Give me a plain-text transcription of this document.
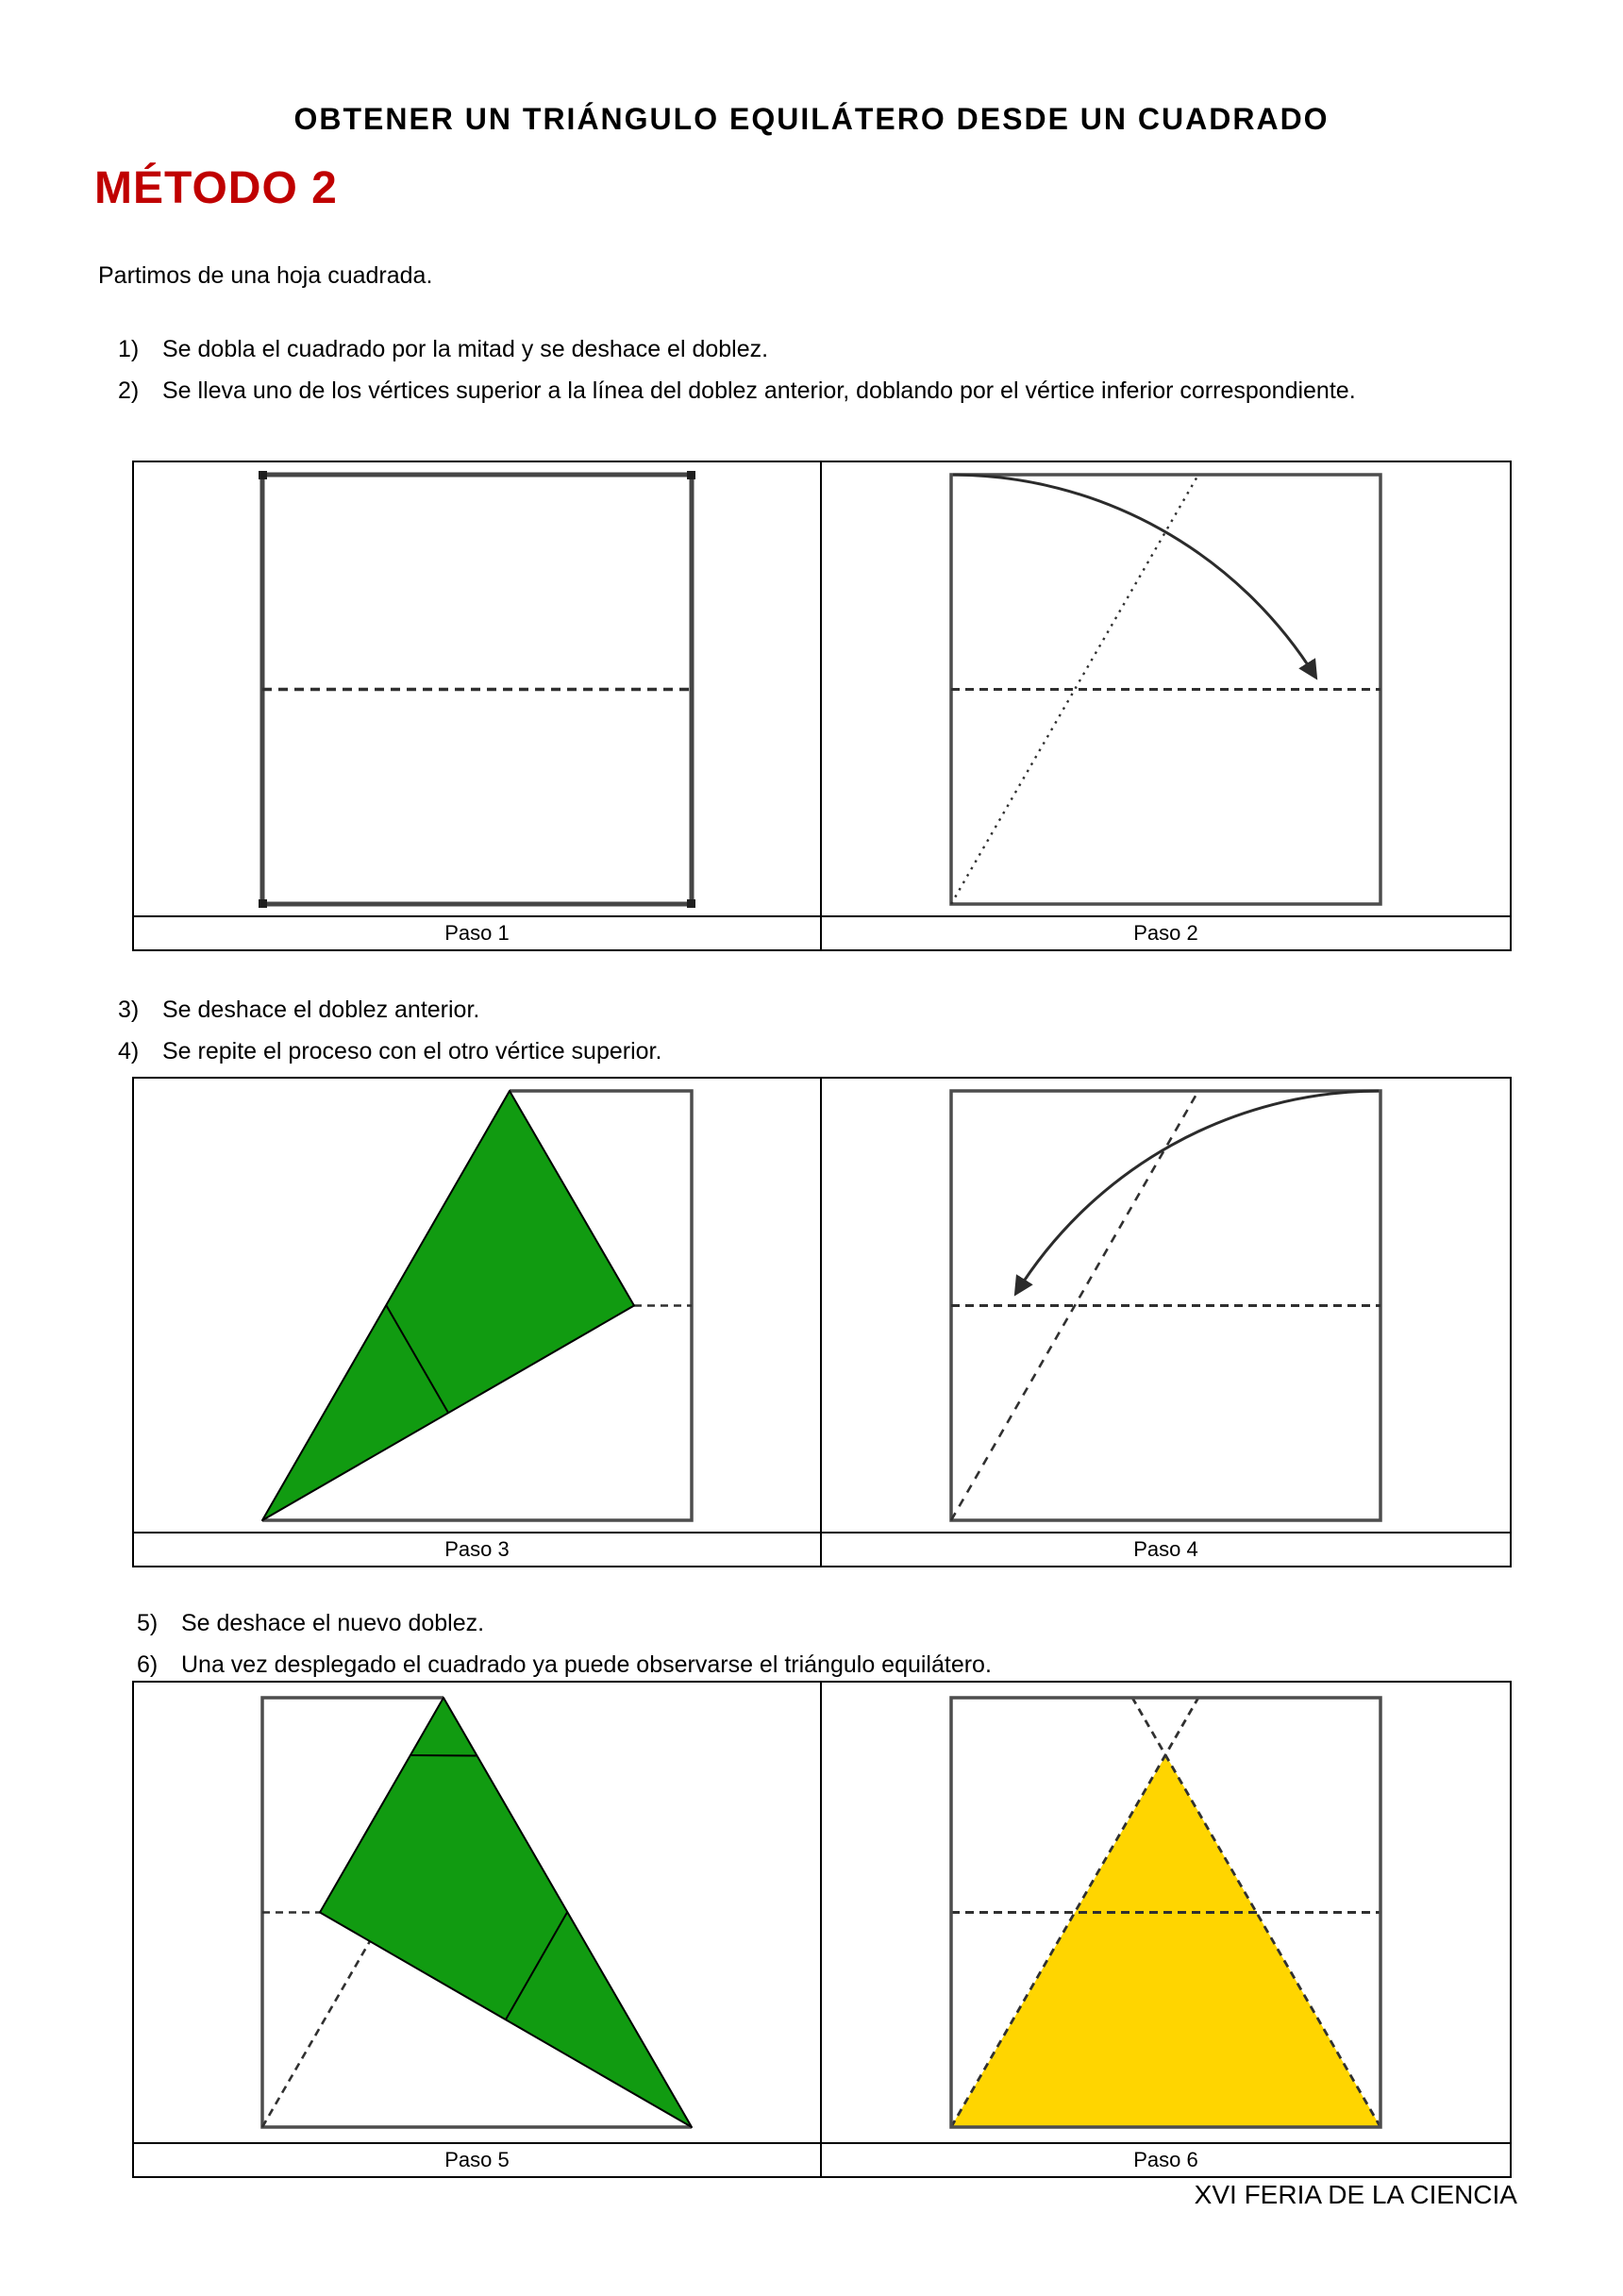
OBTENER UN TRIÁNGULO EQUILÁTERO DESDE UN CUADRADO
MÉTODO 2
Partimos de una hoja cuadrada.
1) Se dobla el cuadrado por la mitad y se deshace el doblez.
2) Se lleva uno de los vértices superior a la línea del doblez anterior, doblando por el vértice inferior correspondiente.
Paso 1	Paso 2
3) Se deshace el doblez anterior.
4) Se repite el proceso con el otro vértice superior.
Paso 3	Paso 4
5) Se deshace el nuevo doblez.
6) Una vez desplegado el cuadrado ya puede observarse el triángulo equilátero.
Paso 5	Paso 6
XVI FERIA DE LA CIENCIA
